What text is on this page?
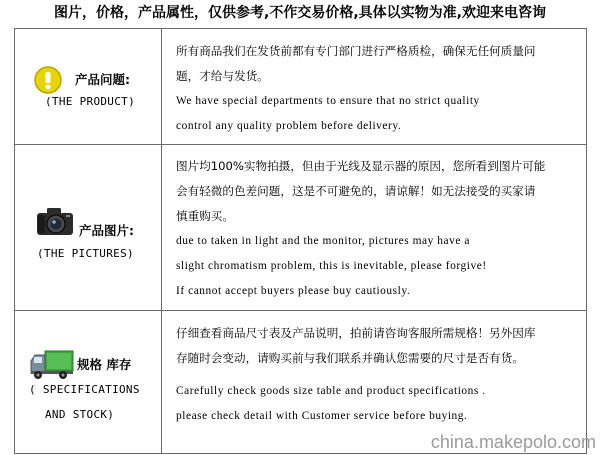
图片，价格，产品属性，仅供参考,不作交易价格,具体以实物为准,欢迎来电咨询
产品问题:
(THE PRODUCT)
所有商品我们在发货前都有专门部门进行严格质检，确保无任何质量问
题，才给与发货。
We have special departments to ensure that no strict quality
control any quality problem before delivery.
产品图片:
(THE PICTURES)
图片均100%实物拍摄，但由于光线及显示器的原因，您所看到图片可能
会有轻微的色差问题，这是不可避免的，请谅解！如无法接受的买家请
慎重购买。
due to taken in light and the monitor, pictures may have a
slight chromatism problem, this is inevitable, please forgive!
If cannot accept buyers please buy cautiously.
规格 库存
( SPECIFICATIONS
AND STOCK)
仔细查看商品尺寸表及产品说明，拍前请咨询客服所需规格！另外因库
存随时会变动，请购买前与我们联系并确认您需要的尺寸是否有货。
Carefully check goods size table and product specifications .
please check detail with Customer service before buying.
china.makepolo.com
